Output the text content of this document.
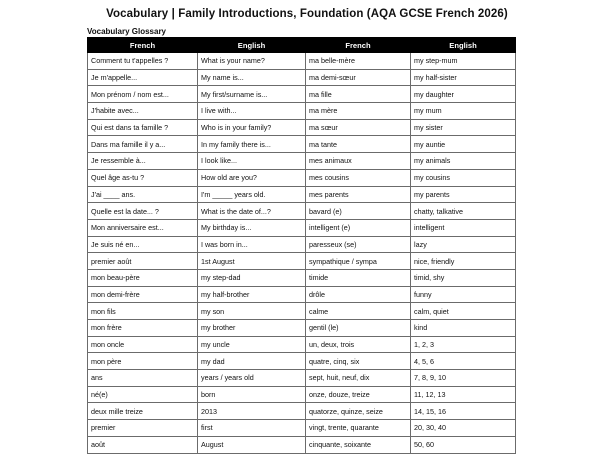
Vocabulary | Family Introductions, Foundation (AQA GCSE French 2026)
Vocabulary Glossary
French	English	French	English
Comment tu t'appelles ?	What is your name?	ma belle-mère	my step-mum
Je m'appelle...	My name is...	ma demi-sœur	my half-sister
Mon prénom / nom est...	My first/surname is...	ma fille	my daughter
J'habite avec...	I live with...	ma mère	my mum
Qui est dans ta famille ?	Who is in your family?	ma sœur	my sister
Dans ma famille il y a...	In my family there is...	ma tante	my auntie
Je ressemble à...	I look like...	mes animaux	my animals
Quel âge as-tu ?	How old are you?	mes cousins	my cousins
J'ai ____ ans.	I'm _____ years old.	mes parents	my parents
Quelle est la date... ?	What is the date of...?	bavard (e)	chatty, talkative
Mon anniversaire est...	My birthday is...	intelligent (e)	intelligent
Je suis né en...	I was born in...	paresseux (se)	lazy
premier août	1st August	sympathique / sympa	nice, friendly
mon beau-père	my step-dad	timide	timid, shy
mon demi-frère	my half-brother	drôle	funny
mon fils	my son	calme	calm, quiet
mon frère	my brother	gentil (le)	kind
mon oncle	my uncle	un, deux, trois	1, 2, 3
mon père	my dad	quatre, cinq, six	4, 5, 6
ans	years / years old	sept, huit, neuf, dix	7, 8, 9, 10
né(e)	born	onze, douze, treize	11, 12, 13
deux mille treize	2013	quatorze, quinze, seize	14, 15, 16
premier	first	vingt, trente, quarante	20, 30, 40
août	August	cinquante, soixante	50, 60
